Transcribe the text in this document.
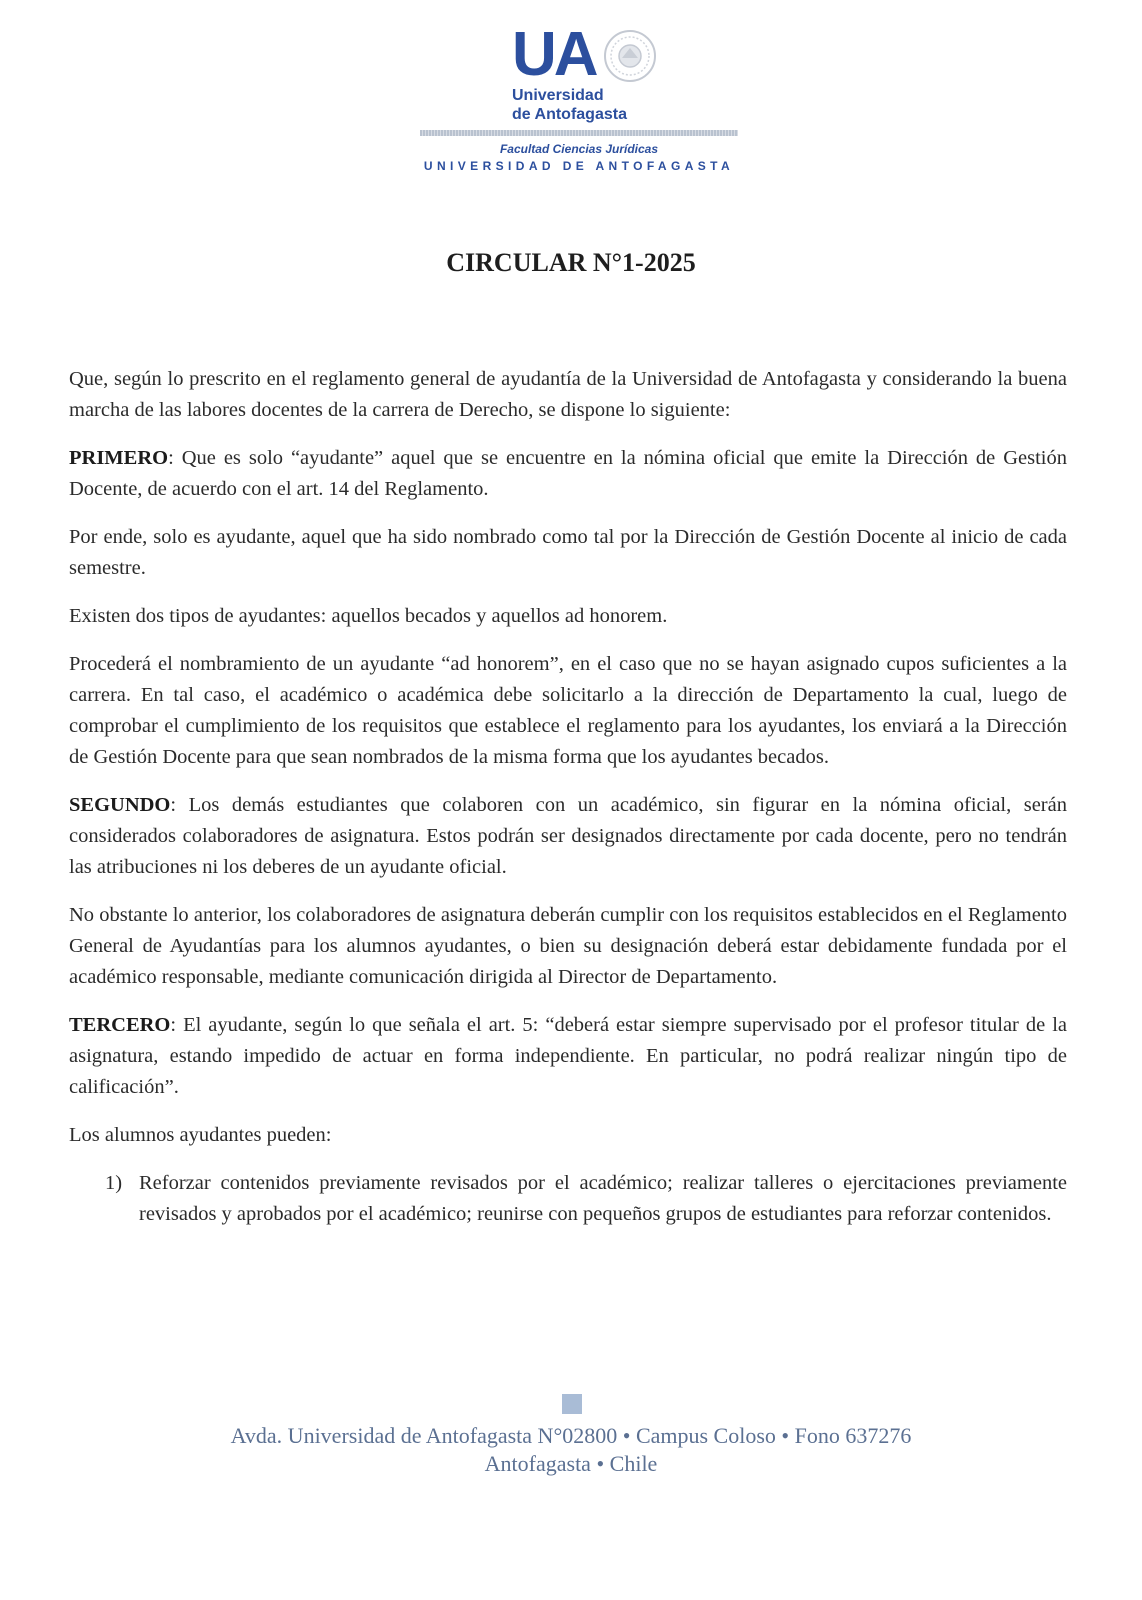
UA
Universidad
de Antofagasta
Facultad Ciencias Jurídicas
UNIVERSIDAD DE ANTOFAGASTA
CIRCULAR N°1-2025

Que, según lo prescrito en el reglamento general de ayudantía de la Universidad de Antofagasta y considerando la buena marcha de las labores docentes de la carrera de Derecho, se dispone lo siguiente:

PRIMERO: Que es solo “ayudante” aquel que se encuentre en la nómina oficial que emite la Dirección de Gestión Docente, de acuerdo con el art. 14 del Reglamento.

Por ende, solo es ayudante, aquel que ha sido nombrado como tal por la Dirección de Gestión Docente al inicio de cada semestre.

Existen dos tipos de ayudantes: aquellos becados y aquellos ad honorem.

Procederá el nombramiento de un ayudante “ad honorem”, en el caso que no se hayan asignado cupos suficientes a la carrera. En tal caso, el académico o académica debe solicitarlo a la dirección de Departamento la cual, luego de comprobar el cumplimiento de los requisitos que establece el reglamento para los ayudantes, los enviará a la Dirección de Gestión Docente para que sean nombrados de la misma forma que los ayudantes becados.

SEGUNDO: Los demás estudiantes que colaboren con un académico, sin figurar en la nómina oficial, serán considerados colaboradores de asignatura. Estos podrán ser designados directamente por cada docente, pero no tendrán las atribuciones ni los deberes de un ayudante oficial.

No obstante lo anterior, los colaboradores de asignatura deberán cumplir con los requisitos establecidos en el Reglamento General de Ayudantías para los alumnos ayudantes, o bien su designación deberá estar debidamente fundada por el académico responsable, mediante comunicación dirigida al Director de Departamento.

TERCERO: El ayudante, según lo que señala el art. 5: “deberá estar siempre supervisado por el profesor titular de la asignatura, estando impedido de actuar en forma independiente. En particular, no podrá realizar ningún tipo de calificación”.

Los alumnos ayudantes pueden:

1) Reforzar contenidos previamente revisados por el académico; realizar talleres o ejercitaciones previamente revisados y aprobados por el académico; reunirse con pequeños grupos de estudiantes para reforzar contenidos.

Avda. Universidad de Antofagasta N°02800 • Campus Coloso • Fono 637276
Antofagasta • Chile
